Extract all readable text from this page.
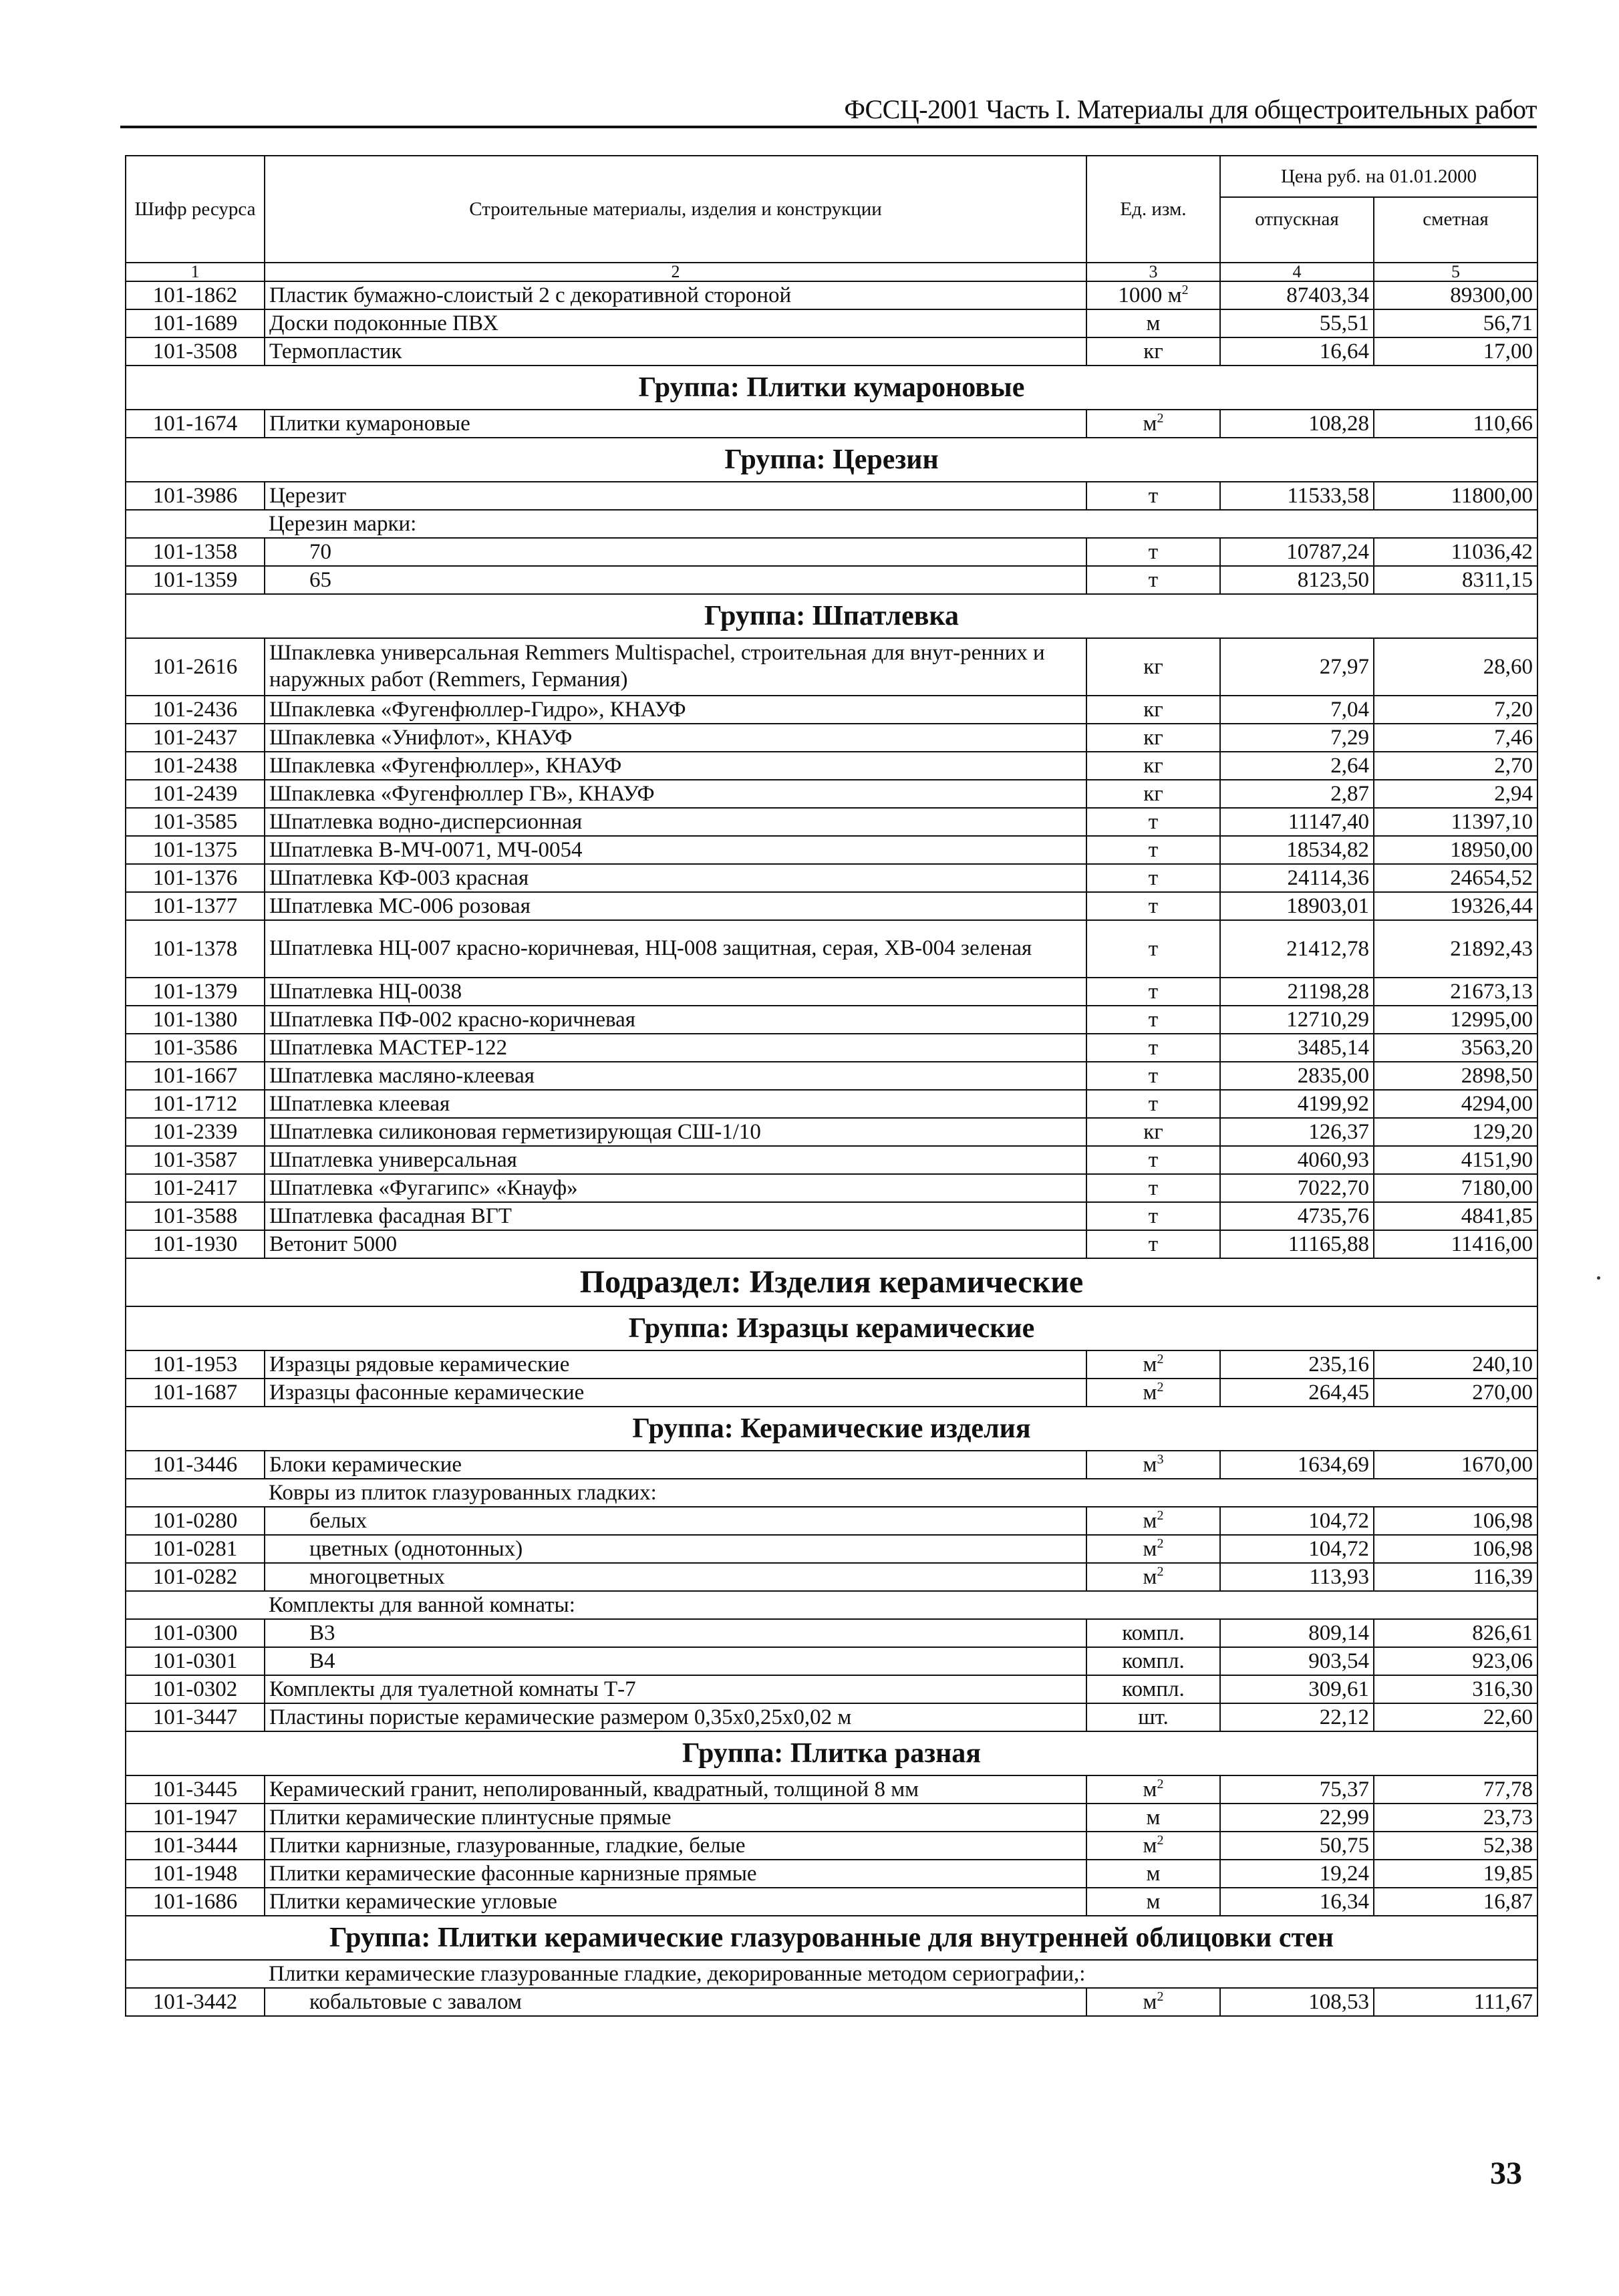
ФССЦ-2001 Часть I. Материалы для общестроительных работ
Шифр ресурса	Строительные материалы, изделия и конструкции	Ед. изм.	Цена руб. на 01.01.2000	
			отпускная	сметная
1	2	3	4	5
101-1862	Пластик бумажно-слоистый 2 с декоративной стороной	1000 $м^2$	87403,34	89300,00
101-1689	Доски подоконные ПВХ	м	55,51	56,71
101-3508	Термопластик	кг	16,64	17,00
Группа: Плитки кумароновые				
101-1674	Плитки кумароновые	$м^2$	108,28	110,66
Группа: Церезин				
101-3986	Церезит	т	11533,58	11800,00
	Церезин марки:			
101-1358	70	т	10787,24	11036,42
101-1359	65	т	8123,50	8311,15
Группа: Шпатлевка				
101-2616	Шпаклевка универсальная Remmers Multispachel, строительная для внут-ренних и наружных работ (Remmers, Германия)	кг	27,97	28,60
101-2436	Шпаклевка «Фугенфюллер-Гидро», КНАУФ	кг	7,04	7,20
101-2437	Шпаклевка «Унифлот», КНАУФ	кг	7,29	7,46
101-2438	Шпаклевка «Фугенфюллер», КНАУФ	кг	2,64	2,70
101-2439	Шпаклевка «Фугенфюллер ГВ», КНАУФ	кг	2,87	2,94
101-3585	Шпатлевка водно-дисперсионная	т	11147,40	11397,10
101-1375	Шпатлевка В-МЧ-0071, МЧ-0054	т	18534,82	18950,00
101-1376	Шпатлевка КФ-003 красная	т	24114,36	24654,52
101-1377	Шпатлевка МС-006 розовая	т	18903,01	19326,44
101-1378	Шпатлевка НЦ-007 красно-коричневая, НЦ-008 защитная, серая, ХВ-004 зеленая	т	21412,78	21892,43
101-1379	Шпатлевка НЦ-0038	т	21198,28	21673,13
101-1380	Шпатлевка ПФ-002 красно-коричневая	т	12710,29	12995,00
101-3586	Шпатлевка МАСТЕР-122	т	3485,14	3563,20
101-1667	Шпатлевка масляно-клеевая	т	2835,00	2898,50
101-1712	Шпатлевка клеевая	т	4199,92	4294,00
101-2339	Шпатлевка силиконовая герметизирующая СШ-1/10	кг	126,37	129,20
101-3587	Шпатлевка универсальная	т	4060,93	4151,90
101-2417	Шпатлевка «Фугагипс» «Кнауф»	т	7022,70	7180,00
101-3588	Шпатлевка фасадная ВГТ	т	4735,76	4841,85
101-1930	Ветонит 5000	т	11165,88	11416,00
Подраздел: Изделия керамические				
Группа: Изразцы керамические				
101-1953	Изразцы рядовые керамические	$м^2$	235,16	240,10
101-1687	Изразцы фасонные керамические	$м^2$	264,45	270,00
Группа: Керамические изделия				
101-3446	Блоки керамические	$м^3$	1634,69	1670,00
	Ковры из плиток глазурованных гладких:			
101-0280	белых	$м^2$	104,72	106,98
101-0281	цветных (однотонных)	$м^2$	104,72	106,98
101-0282	многоцветных	$м^2$	113,93	116,39
	Комплекты для ванной комнаты:			
101-0300	В3	компл.	809,14	826,61
101-0301	В4	компл.	903,54	923,06
101-0302	Комплекты для туалетной комнаты Т-7	компл.	309,61	316,30
101-3447	Пластины пористые керамические размером 0,35х0,25х0,02 м	шт.	22,12	22,60
Группа: Плитка разная				
101-3445	Керамический гранит, неполированный, квадратный, толщиной 8 мм	$м^2$	75,37	77,78
101-1947	Плитки керамические плинтусные прямые	м	22,99	23,73
101-3444	Плитки карнизные, глазурованные, гладкие, белые	$м^2$	50,75	52,38
101-1948	Плитки керамические фасонные карнизные прямые	м	19,24	19,85
101-1686	Плитки керамические угловые	м	16,34	16,87
Группа: Плитки керамические глазурованные для внутренней облицовки стен				
	Плитки керамические глазурованные гладкие, декорированные методом сериографии,:			
101-3442	кобальтовые с завалом	$м^2$	108,53	111,67
33
